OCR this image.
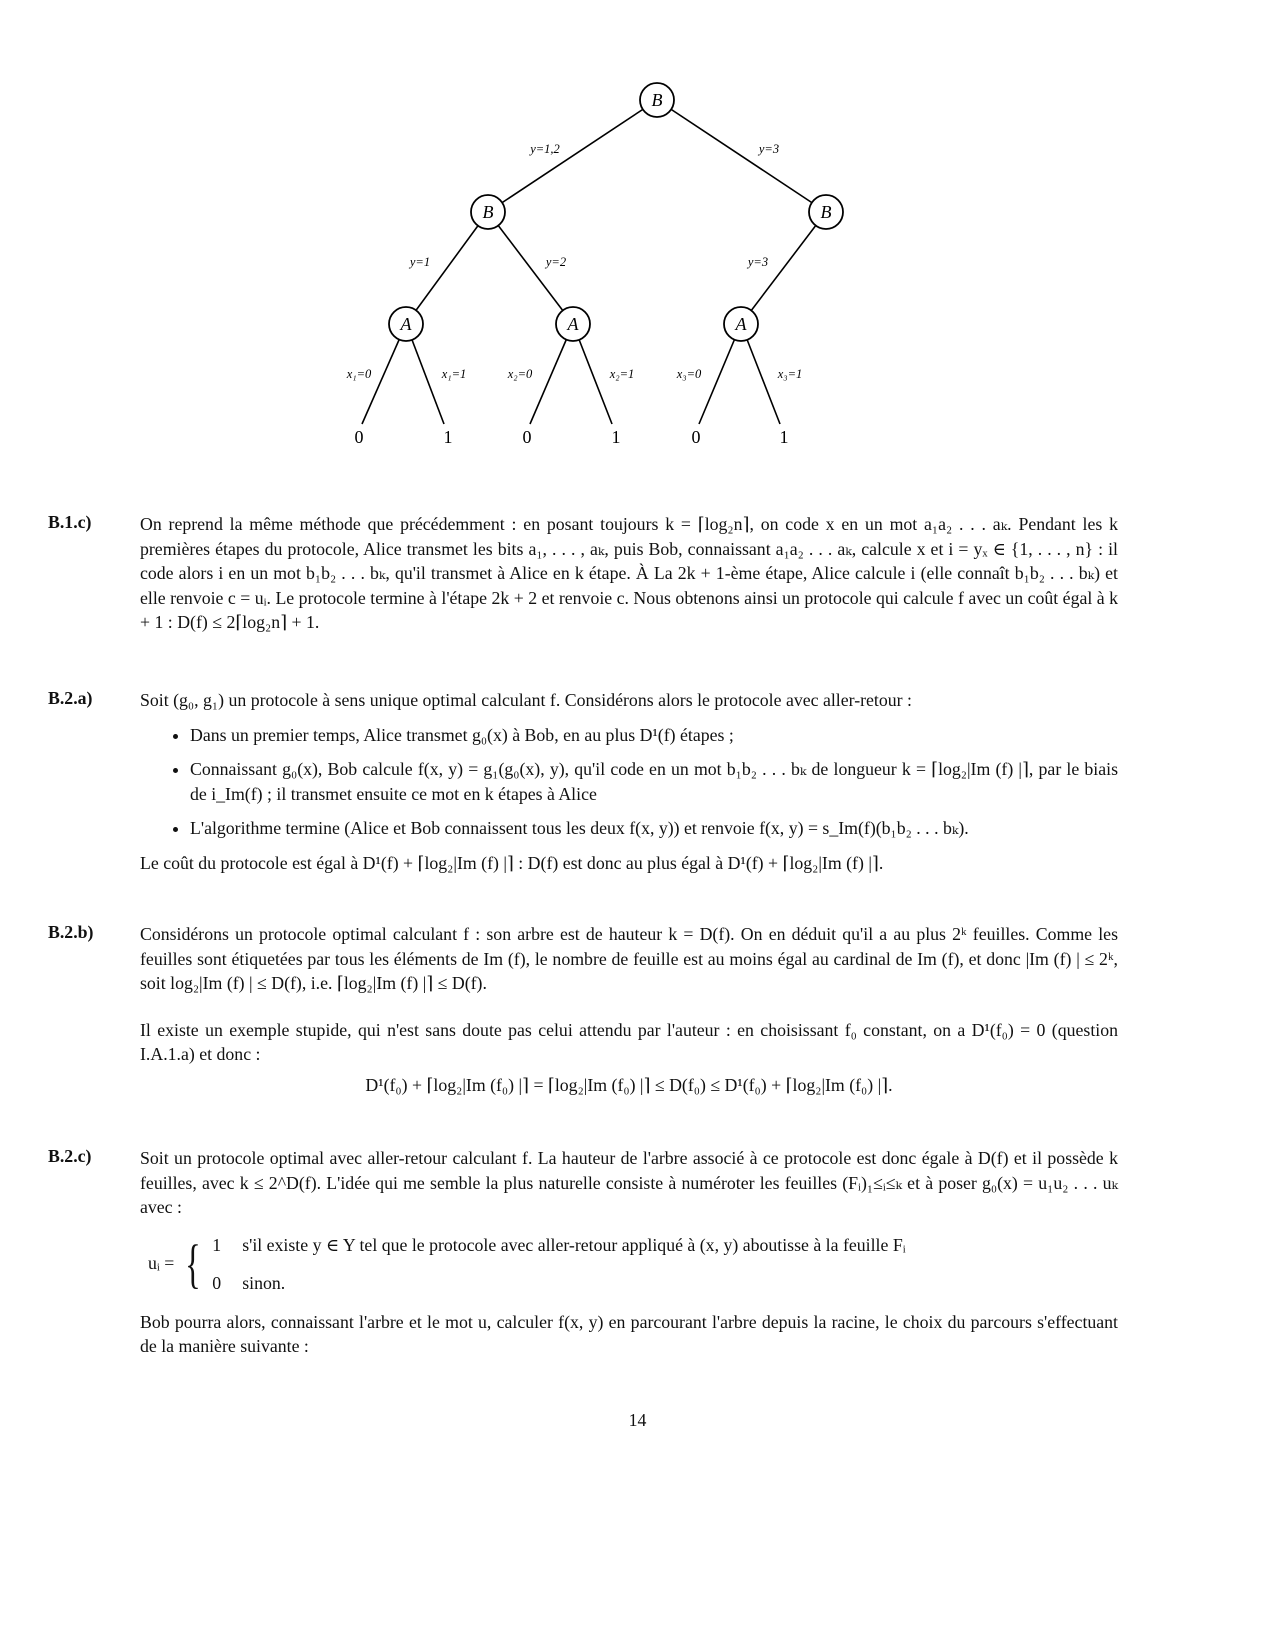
B
B	B
A	A	A
y=1,2	y=3
y=1	y=2	y=3
x₁=0	x₁=1	x₂=0	x₂=1	x₃=0	x₃=1
0	1	0	1	0	1
B.1.c)	On reprend la même méthode que précédemment : en posant toujours k = ⌈log₂n⌉, on code x en un mot a₁a₂ . . . aₖ. Pendant les k premières étapes du protocole, Alice transmet les bits a₁, . . . , aₖ, puis Bob, connaissant a₁a₂ . . . aₖ, calcule x et i = yₓ ∈ {1, . . . , n} : il code alors i en un mot b₁b₂ . . . bₖ, qu'il transmet à Alice en k étape. À La 2k + 1-ème étape, Alice calcule i (elle connaît b₁b₂ . . . bₖ) et elle renvoie c = uᵢ. Le protocole termine à l'étape 2k + 2 et renvoie c. Nous obtenons ainsi un protocole qui calcule f avec un coût égal à k + 1 : D(f) ≤ 2⌈log₂n⌉ + 1.

B.2.a)	Soit (g₀, g₁) un protocole à sens unique optimal calculant f. Considérons alors le protocole avec aller-retour :

• Dans un premier temps, Alice transmet g₀(x) à Bob, en au plus D¹(f) étapes ;
• Connaissant g₀(x), Bob calcule f(x, y) = g₁(g₀(x), y), qu'il code en un mot b₁b₂ . . . bₖ de longueur k = ⌈log₂|Im (f) |⌉, par le biais de i_Im(f) ; il transmet ensuite ce mot en k étapes à Alice
• L'algorithme termine (Alice et Bob connaissent tous les deux f(x, y)) et renvoie f(x, y) = s_Im(f)(b₁b₂ . . . bₖ).

Le coût du protocole est égal à D¹(f) + ⌈log₂|Im (f) |⌉ : D(f) est donc au plus égal à D¹(f) + ⌈log₂|Im (f) |⌉.

B.2.b)	Considérons un protocole optimal calculant f : son arbre est de hauteur k = D(f). On en déduit qu'il a au plus 2ᵏ feuilles. Comme les feuilles sont étiquetées par tous les éléments de Im (f), le nombre de feuille est au moins égal au cardinal de Im (f), et donc |Im (f) | ≤ 2ᵏ, soit log₂|Im (f) | ≤ D(f), i.e. ⌈log₂|Im (f) |⌉ ≤ D(f).

Il existe un exemple stupide, qui n'est sans doute pas celui attendu par l'auteur : en choisissant f₀ constant, on a D¹(f₀) = 0 (question I.A.1.a) et donc :

D¹(f₀) + ⌈log₂|Im (f₀) |⌉ = ⌈log₂|Im (f₀) |⌉ ≤ D(f₀) ≤ D¹(f₀) + ⌈log₂|Im (f₀) |⌉.

B.2.c)	Soit un protocole optimal avec aller-retour calculant f. La hauteur de l'arbre associé à ce protocole est donc égale à D(f) et il possède k feuilles, avec k ≤ 2^D(f). L'idée qui me semble la plus naturelle consiste à numéroter les feuilles (Fᵢ)₁≤ᵢ≤ₖ et à poser g₀(x) = u₁u₂ . . . uₖ avec :

uᵢ = { 1 s'il existe y ∈ Y tel que le protocole avec aller-retour appliqué à (x, y) aboutisse à la feuille Fᵢ
0 sinon.

Bob pourra alors, connaissant l'arbre et le mot u, calculer f(x, y) en parcourant l'arbre depuis la racine, le choix du parcours s'effectuant de la manière suivante :

14
